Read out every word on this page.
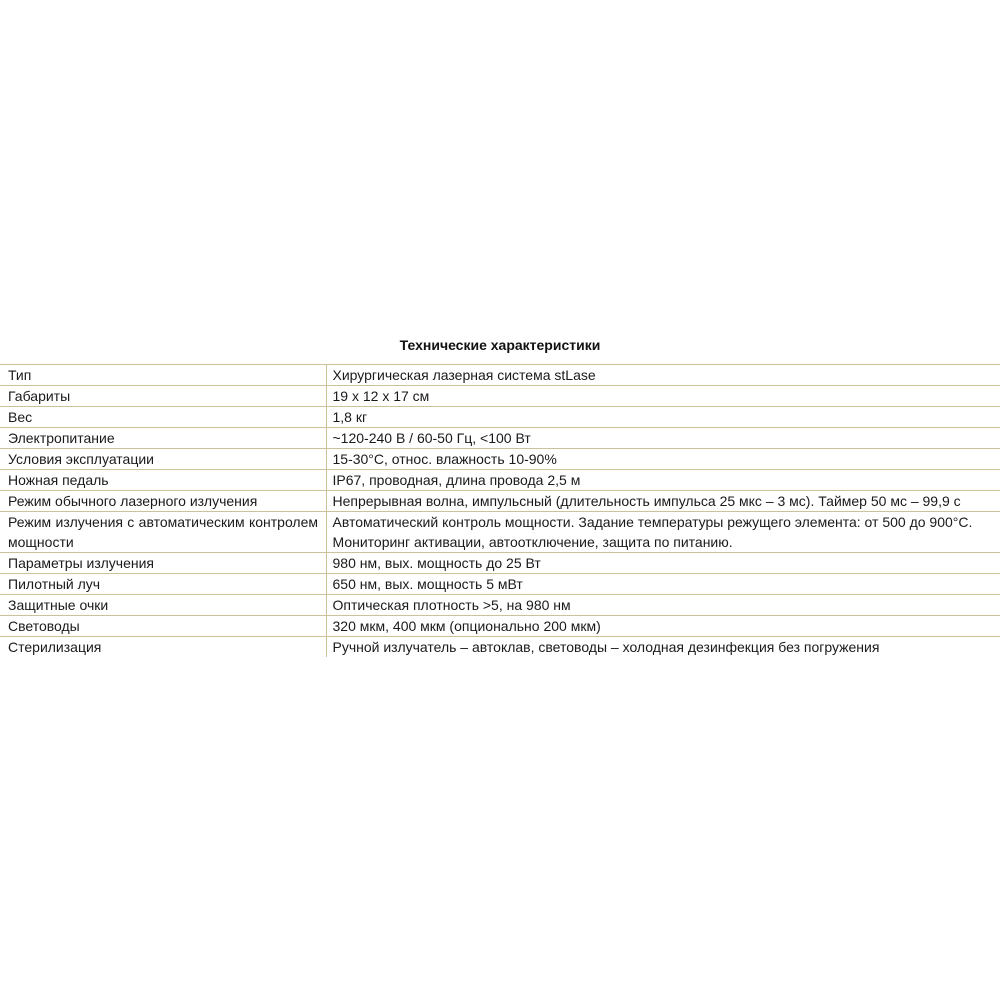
Технические характеристики
Тип	Хирургическая лазерная система stLase
Габариты	19 x 12 x 17 см
Вес	1,8 кг
Электропитание	~120-240 В / 60-50 Гц, <100 Вт
Условия эксплуатации	15-30°С, относ. влажность 10-90%
Ножная педаль	IP67, проводная, длина провода 2,5 м
Режим обычного лазерного излучения	Непрерывная волна, импульсный (длительность импульса 25 мкс – 3 мс). Таймер 50 мс – 99,9 с

Режим излучения с автоматическим контролем мощности	Автоматический контроль мощности. Задание температуры режущего элемента: от 500 до 900°С. Мониторинг активации, автоотключение, защита по питанию.
Параметры излучения	980 нм, вых. мощность до 25 Вт
Пилотный луч	650 нм, вых. мощность 5 мВт
Защитные очки	Оптическая плотность >5, на 980 нм
Световоды	320 мкм, 400 мкм (опционально 200 мкм)
Стерилизация	Ручной излучатель – автоклав, световоды – холодная дезинфекция без погружения
